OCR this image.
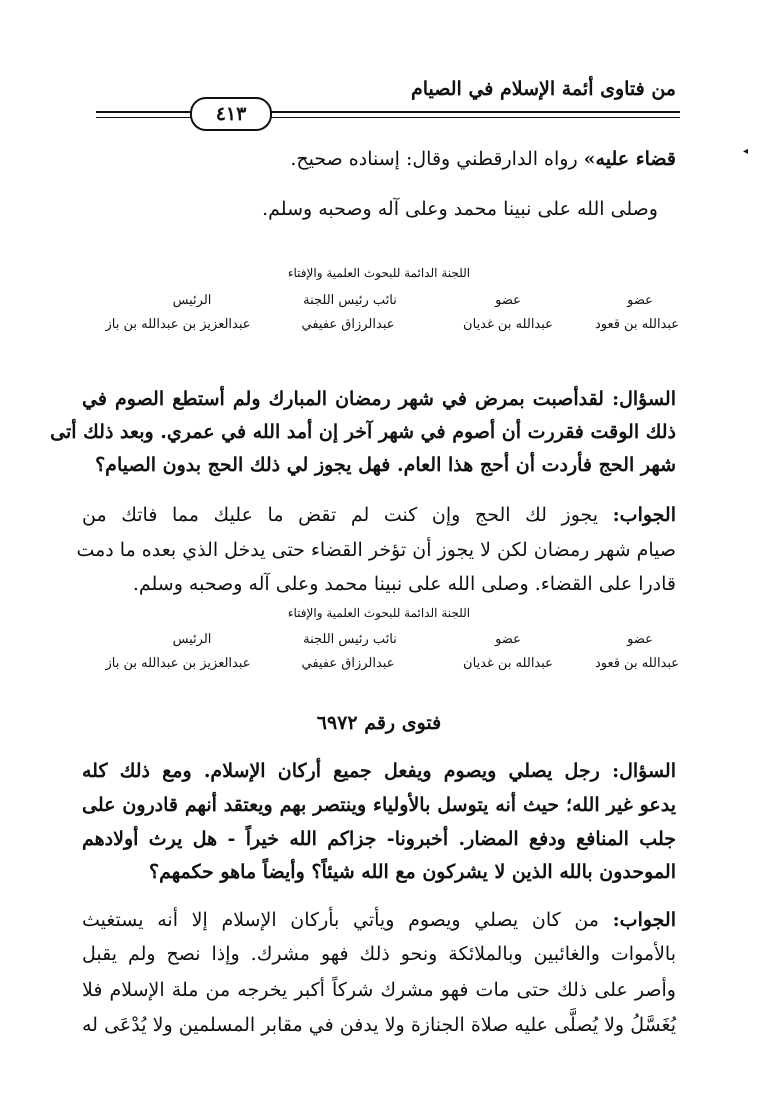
من فتاوى أئمة الإسلام في الصيام
٤١٣
◂
قضاء عليه» رواه الدارقطني وقال: إسناده صحيح.
وصلى الله على نبينا محمد وعلى آله وصحبه وسلم.
اللجنة الدائمة للبحوث العلمية والإفتاء
الرئيس	نائب رئيس اللجنة	عضو	عضو
عبدالعزيز بن عبدالله بن باز	عبدالرزاق عفيفي	عبدالله بن غديان	عبدالله بن قعود
السؤال: لقدأصبت بمرض في شهر رمضان المبارك ولم أستطع الصوم في
ذلك الوقت فقررت أن أصوم في شهر آخر إن أمد الله في عمري. وبعد ذلك أتى
شهر الحج فأردت أن أحج هذا العام. فهل يجوز لي ذلك الحج بدون الصيام؟
الجواب: يجوز لك الحج وإن كنت لم تقض ما عليك مما فاتك من
صيام شهر رمضان لكن لا يجوز أن تؤخر القضاء حتى يدخل الذي بعده ما دمت
قادرا على القضاء. وصلى الله على نبينا محمد وعلى آله وصحبه وسلم.
اللجنة الدائمة للبحوث العلمية والإفتاء
الرئيس	نائب رئيس اللجنة	عضو	عضو
عبدالعزيز بن عبدالله بن باز	عبدالرزاق عفيفي	عبدالله بن غديان	عبدالله بن قعود
فتوى رقم ٦٩٧٢
السؤال: رجل يصلي ويصوم ويفعل جميع أركان الإسلام. ومع ذلك كله
يدعو غير الله؛ حيث أنه يتوسل بالأولياء وينتصر بهم ويعتقد أنهم قادرون على
جلب المنافع ودفع المضار. أخبرونا- جزاكم الله خيراً - هل يرث أولادهم
الموحدون بالله الذين لا يشركون مع الله شيئاً؟ وأيضاً ماهو حكمهم؟
الجواب: من كان يصلي ويصوم ويأتي بأركان الإسلام إلا أنه يستغيث
بالأموات والغائبين وبالملائكة ونحو ذلك فهو مشرك. وإذا نصح ولم يقبل
وأصر على ذلك حتى مات فهو مشرك شركاً أكبر يخرجه من ملة الإسلام فلا
يُغَسَّلُ ولا يُصلَّى عليه صلاة الجنازة ولا يدفن في مقابر المسلمين ولا يُدْعَى له
